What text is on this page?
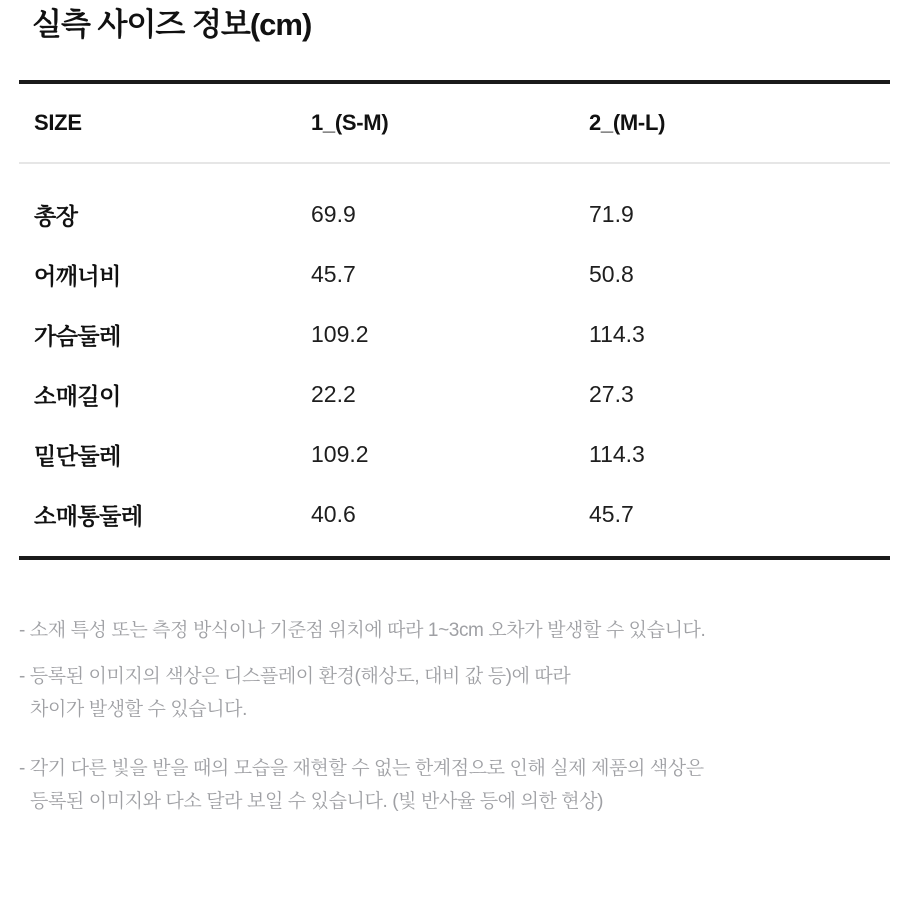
실측 사이즈 정보(cm)
SIZE	1_(S-M)	2_(M-L)
총장	69.9	71.9
어깨너비	45.7	50.8
가슴둘레	109.2	114.3
소매길이	22.2	27.3
밑단둘레	109.2	114.3
소매통둘레	40.6	45.7
- 소재 특성 또는 측정 방식이나 기준점 위치에 따라 1~3cm 오차가 발생할 수 있습니다.
- 등록된 이미지의 색상은 디스플레이 환경(해상도, 대비 값 등)에 따라
차이가 발생할 수 있습니다.
- 각기 다른 빛을 받을 때의 모습을 재현할 수 없는 한계점으로 인해 실제 제품의 색상은
등록된 이미지와 다소 달라 보일 수 있습니다. (빛 반사율 등에 의한 현상)
